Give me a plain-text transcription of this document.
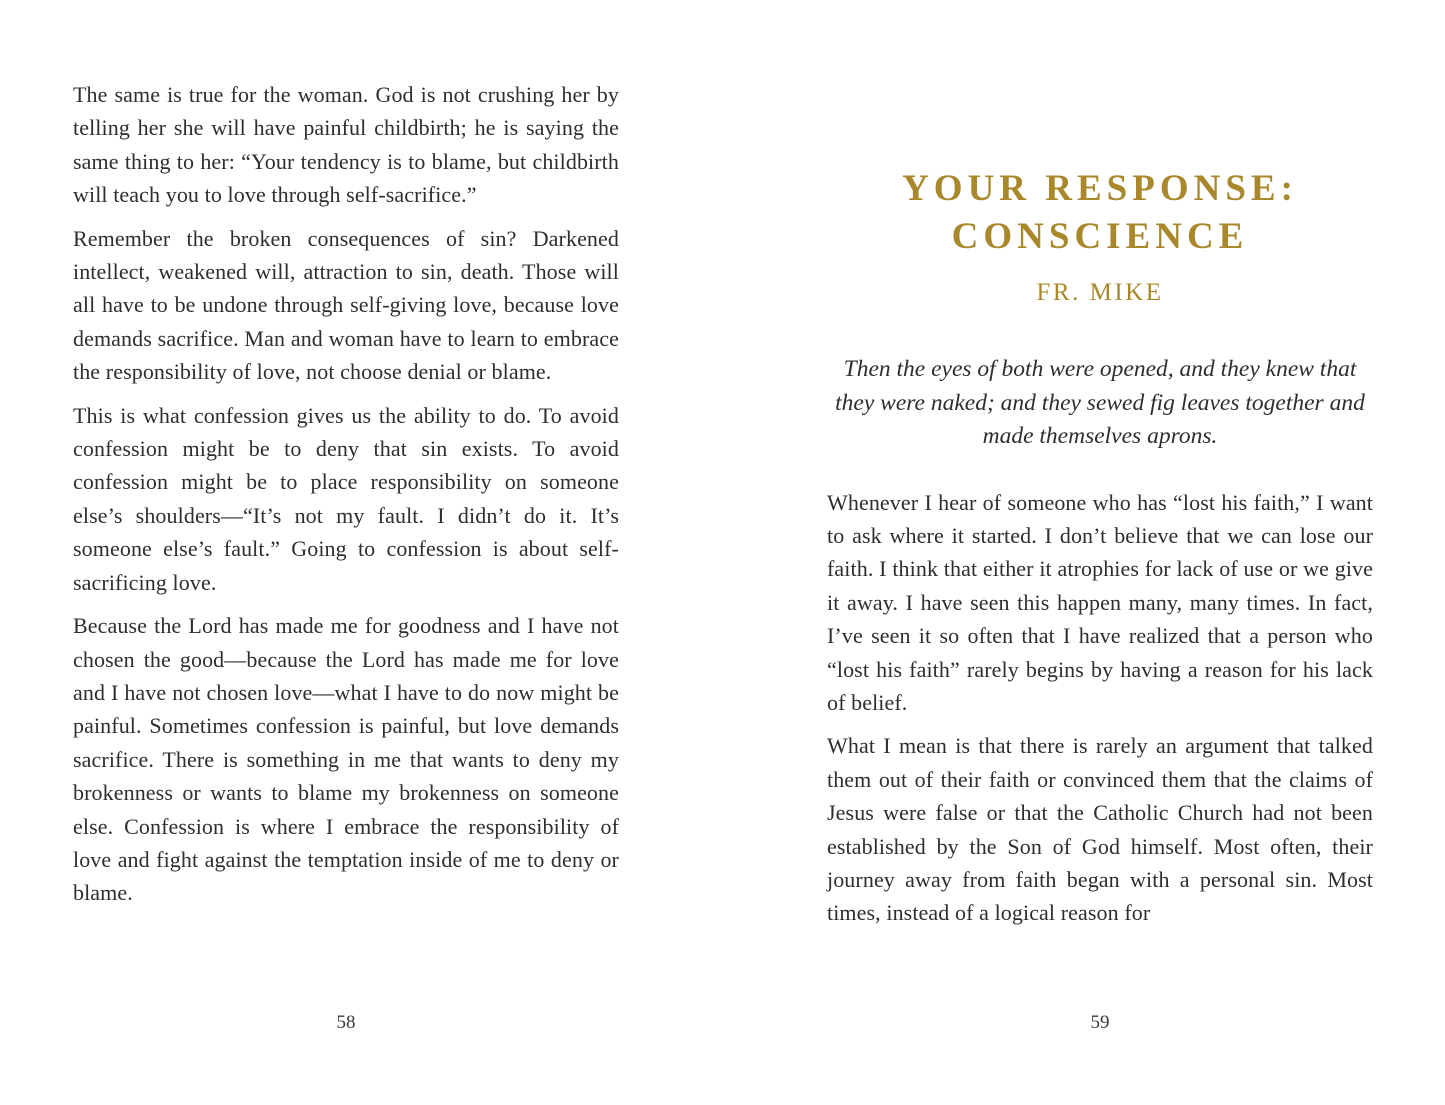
The same is true for the woman. God is not crushing her by telling her she will have painful childbirth; he is saying the same thing to her: “Your tendency is to blame, but childbirth will teach you to love through self-sacrifice.”

Remember the broken consequences of sin? Darkened intellect, weakened will, attraction to sin, death. Those will all have to be undone through self-giving love, because love demands sacrifice. Man and woman have to learn to embrace the responsibility of love, not choose denial or blame.

This is what confession gives us the ability to do. To avoid confession might be to deny that sin exists. To avoid confession might be to place responsibility on someone else’s shoulders—“It’s not my fault. I didn’t do it. It’s someone else’s fault.” Going to confession is about self-sacrificing love.

Because the Lord has made me for goodness and I have not chosen the good—because the Lord has made me for love and I have not chosen love—what I have to do now might be painful. Sometimes confession is painful, but love demands sacrifice. There is something in me that wants to deny my brokenness or wants to blame my brokenness on someone else. Confession is where I embrace the responsibility of love and fight against the temptation inside of me to deny or blame.

58
YOUR RESPONSE:
CONSCIENCE
FR. MIKE
Then the eyes of both were opened, and they knew that they were naked; and they sewed fig leaves together and made themselves aprons.

Whenever I hear of someone who has “lost his faith,” I want to ask where it started. I don’t believe that we can lose our faith. I think that either it atrophies for lack of use or we give it away. I have seen this happen many, many times. In fact, I’ve seen it so often that I have realized that a person who “lost his faith” rarely begins by having a reason for his lack of belief.

What I mean is that there is rarely an argument that talked them out of their faith or convinced them that the claims of Jesus were false or that the Catholic Church had not been established by the Son of God himself. Most often, their journey away from faith began with a personal sin. Most times, instead of a logical reason for

59
